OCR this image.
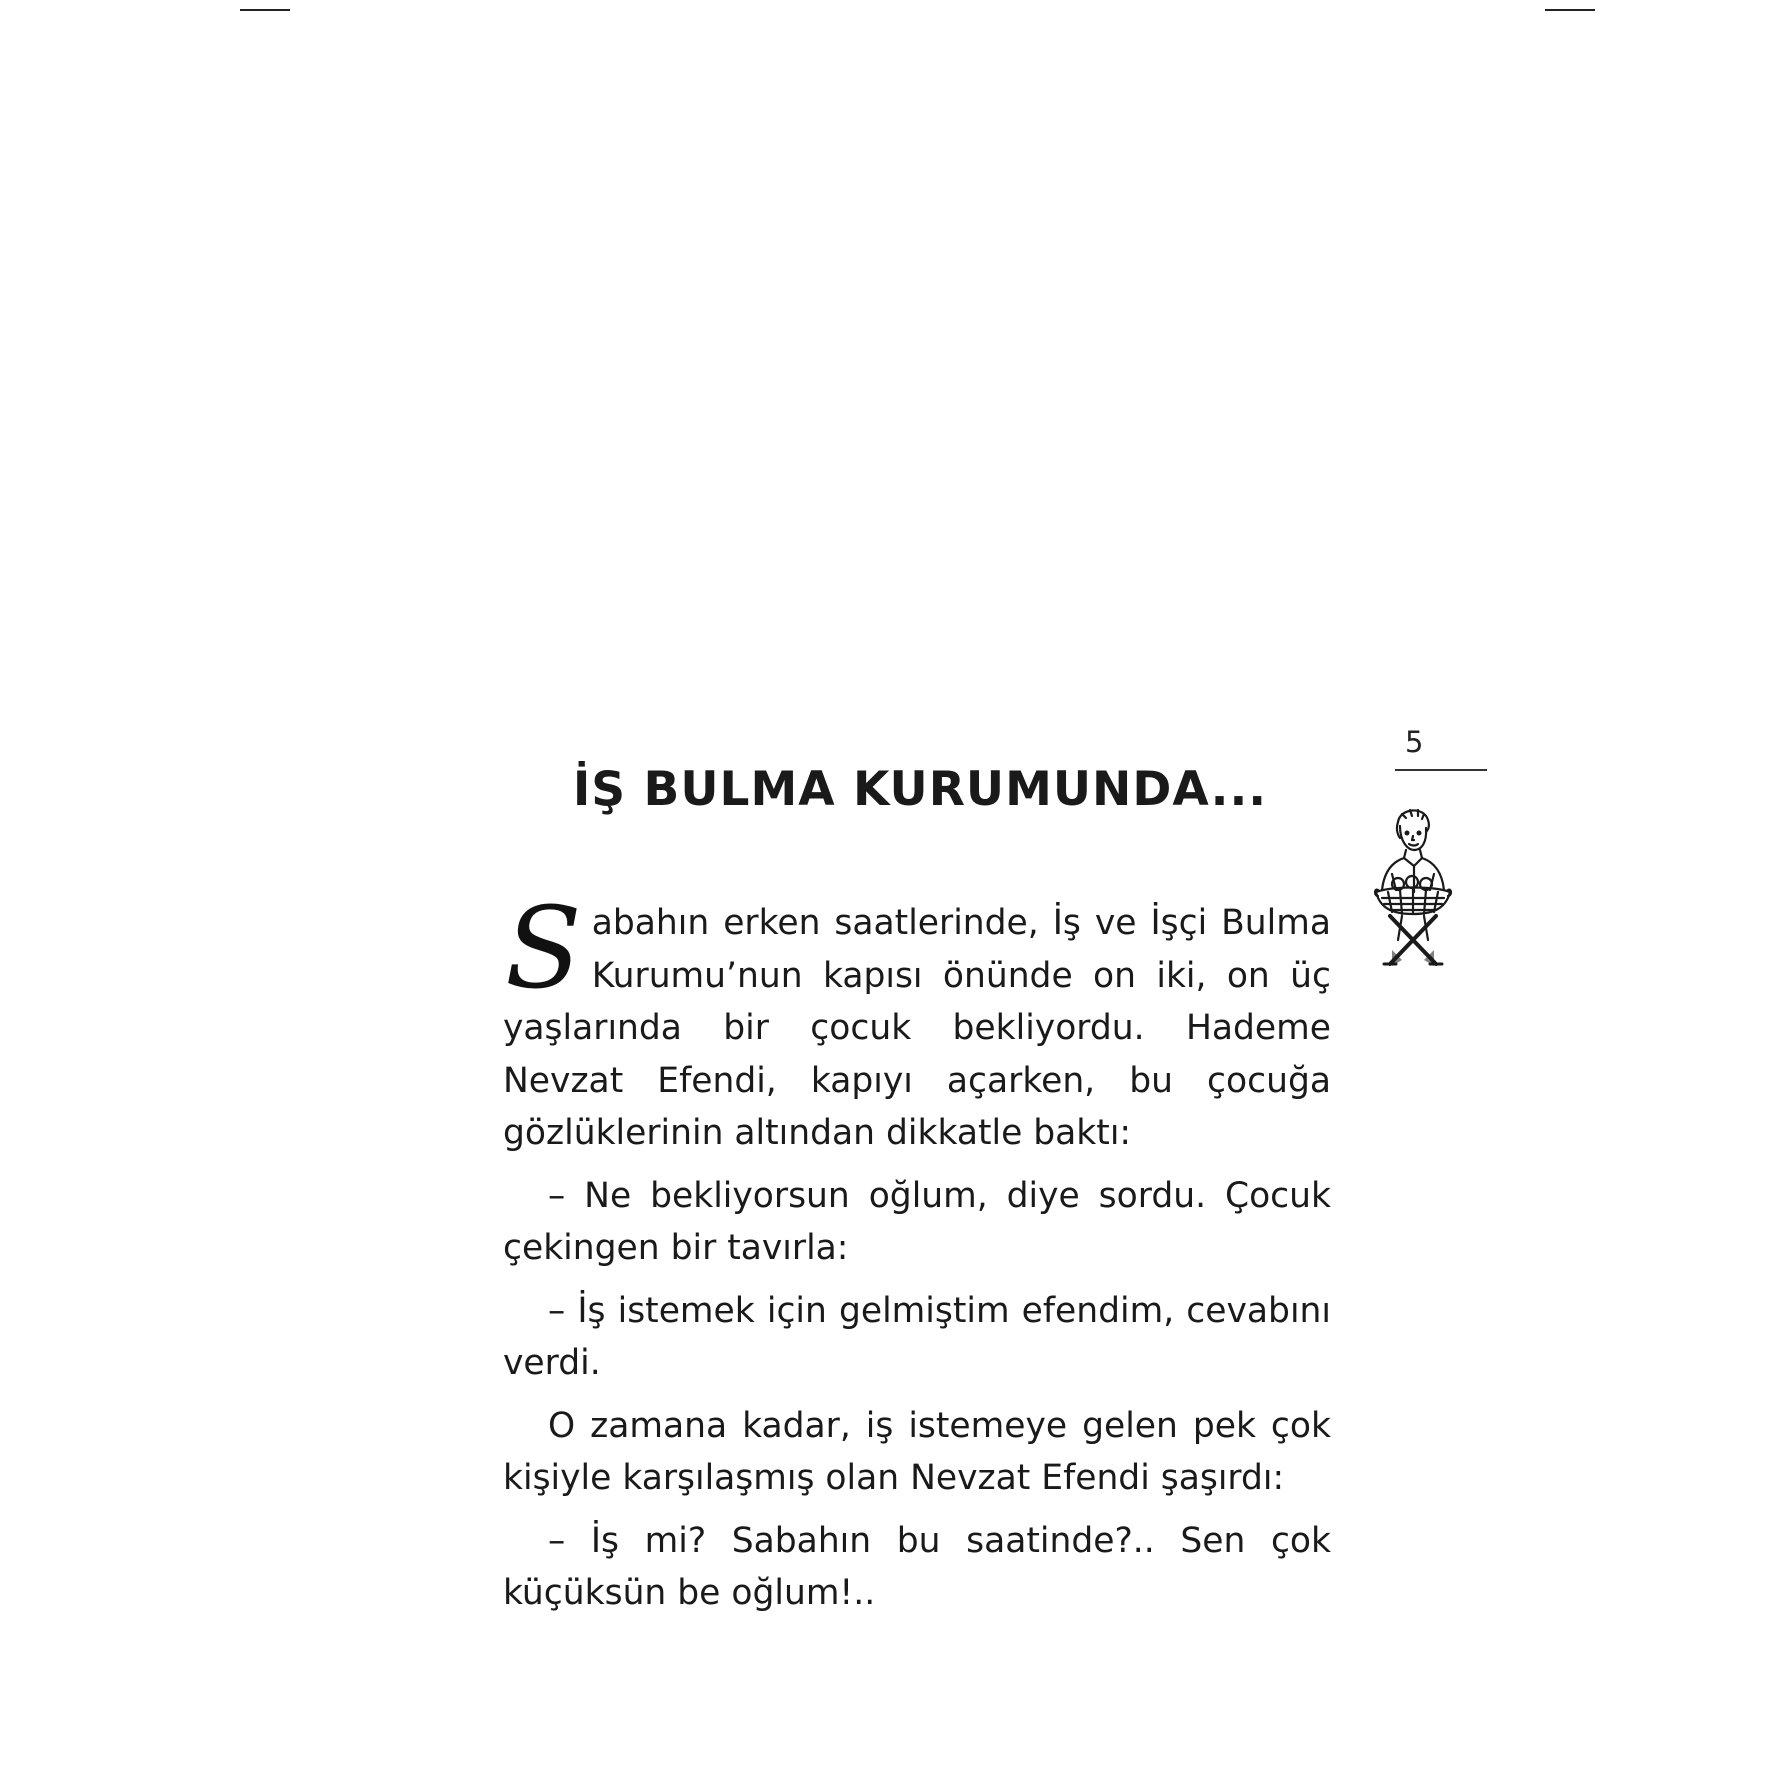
5
İŞ BULMA KURUMUNDA...

Sabahın erken saatlerinde, İş ve İşçi Bulma Kurumu’nun kapısı önünde on iki, on üç yaşlarında bir çocuk bekliyordu. Hademe Nevzat Efendi, kapıyı açarken, bu çocuğa gözlüklerinin altından dikkatle baktı:

– Ne bekliyorsun oğlum, diye sordu. Çocuk çekingen bir tavırla:

– İş istemek için gelmiştim efendim, cevabını verdi.

O zamana kadar, iş istemeye gelen pek çok kişiyle karşılaşmış olan Nevzat Efendi şaşırdı:

– İş mi? Sabahın bu saatinde?.. Sen çok küçüksün be oğlum!..
